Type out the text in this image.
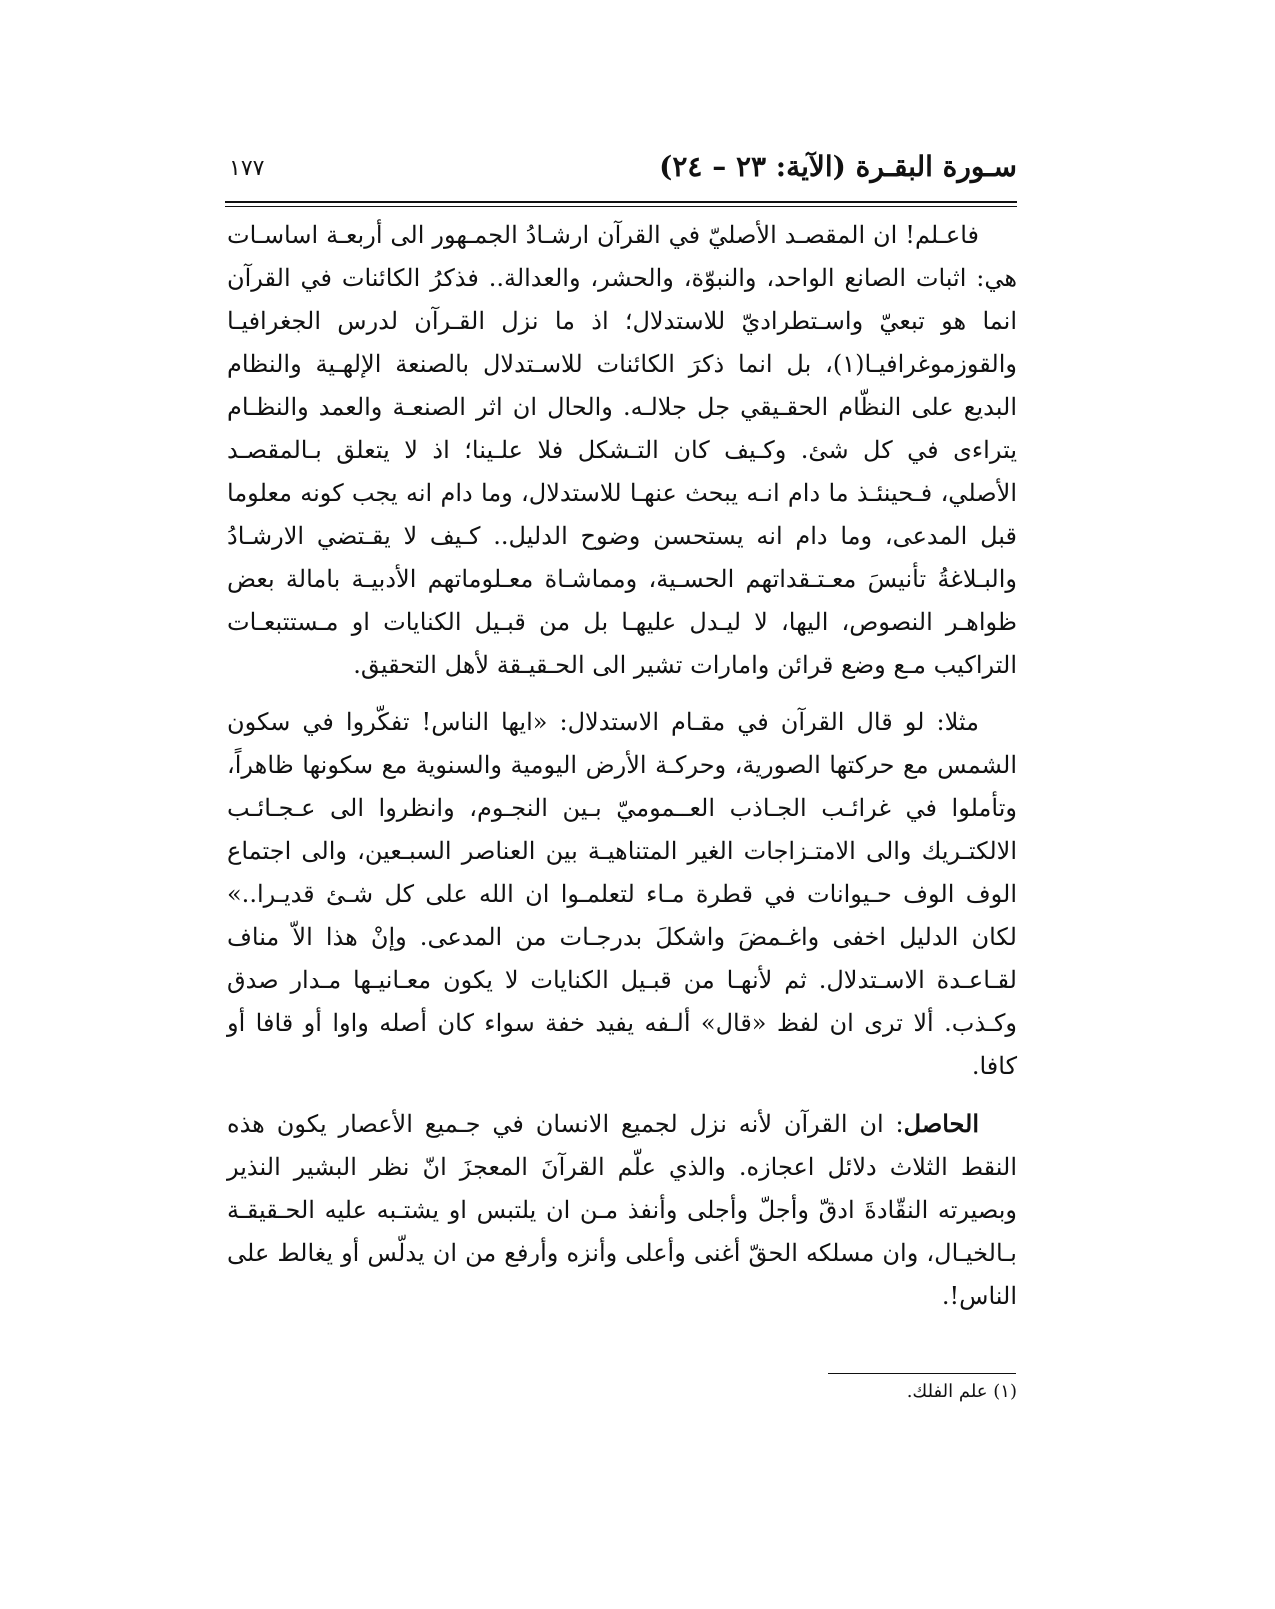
١٧٧	سـورة البقـرة (الآية: ٢٣ – ٢٤)

فاعـلم! ان المقصـد الأصليّ في القرآن ارشـادُ الجمـهور الى أربعـة اساسـات هي: اثبات الصانع الواحد، والنبوّة، والحشر، والعدالة.. فذكرُ الكائنات في القرآن انما هو تبعيّ واسـتطراديّ للاستدلال؛ اذ ما نزل القـرآن لدرس الجغرافيـا والقوزموغرافيـا(١)، بل انما ذكرَ الكائنات للاسـتدلال بالصنعة الإلهـية والنظام البديع على النظّام الحقـيقي جل جلالـه. والحال ان اثر الصنعـة والعمد والنظـام يتراءى في كل شئ. وكـيف كان التـشكل فلا علـينا؛ اذ لا يتعلق بـالمقصـد الأصلي، فـحينئـذ ما دام انـه يبحث عنهـا للاستدلال، وما دام انه يجب كونه معلوما قبل المدعى، وما دام انه يستحسن وضوح الدليل.. كـيف لا يقـتضي الارشـادُ والبـلاغةُ تأنيسَ معـتـقداتهم الحسـية، ومماشـاة معـلوماتهم الأدبيـة بامالة بعض ظواهـر النصوص، اليها، لا ليـدل عليهـا بل من قبـيل الكنايات او مـستتبعـات التراكيب مـع وضع قرائن وامارات تشير الى الحـقيـقة لأهل التحقيق.

مثلا: لو قال القرآن في مقـام الاستدلال: «ايها الناس! تفكّروا في سكون الشمس مع حركتها الصورية، وحركـة الأرض اليومية والسنوية مع سكونها ظاهراً، وتأملوا في غرائـب الجـاذب العــموميّ بـين النجـوم، وانظروا الى عـجـائـب الالكتـريك والى الامتـزاجات الغير المتناهيـة بين العناصر السبـعين، والى اجتماع الوف الوف حـيوانات في قطرة مـاء لتعلمـوا ان الله على كل شـئ قديـرا..» لكان الدليل اخفى واغـمضَ واشكلَ بدرجـات من المدعى. وإنْ هذا الاّ مناف لقـاعـدة الاسـتدلال. ثم لأنهـا من قبـيل الكنايات لا يكون معـانيـها مـدار صدق وكـذب. ألا ترى ان لفظ «قال» ألـفه يفيد خفة سواء كان أصله واوا أو قافا أو كافا.

الحاصل: ان القرآن لأنه نزل لجميع الانسان في جـميع الأعصار يكون هذه النقط الثلاث دلائل اعجازه. والذي علّم القرآنَ المعجزَ انّ نظر البشير النذير وبصيرته النقّادةَ ادقّ وأجلّ وأجلى وأنفذ مـن ان يلتبس او يشتـبه عليه الحـقيقـة بـالخيـال، وان مسلكه الحقّ أغنى وأعلى وأنزه وأرفع من ان يدلّس أو يغالط على الناس!.

(١) علم الفلك.
